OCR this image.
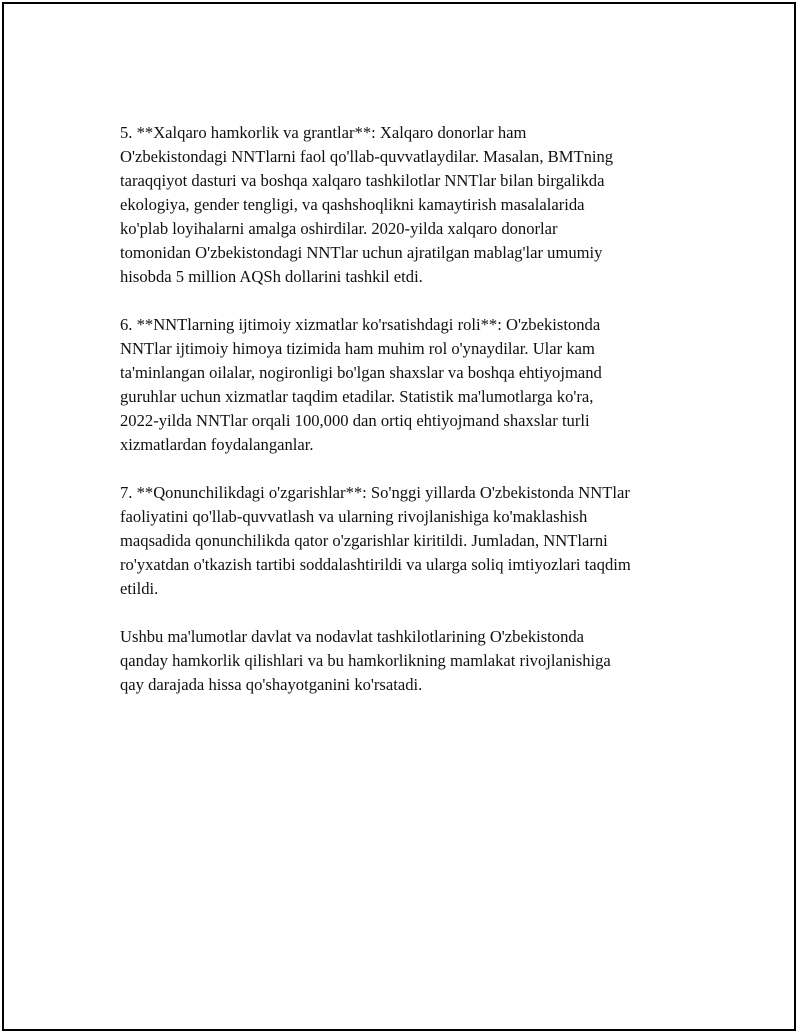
5. **Xalqaro hamkorlik va grantlar**: Xalqaro donorlar ham
O'zbekistondagi NNTlarni faol qo'llab-quvvatlaydilar. Masalan, BMTning
taraqqiyot dasturi va boshqa xalqaro tashkilotlar NNTlar bilan birgalikda
ekologiya, gender tengligi, va qashshoqlikni kamaytirish masalalarida
ko'plab loyihalarni amalga oshirdilar. 2020-yilda xalqaro donorlar
tomonidan O'zbekistondagi NNTlar uchun ajratilgan mablag'lar umumiy
hisobda 5 million AQSh dollarini tashkil etdi.

6. **NNTlarning ijtimoiy xizmatlar ko'rsatishdagi roli**: O'zbekistonda
NNTlar ijtimoiy himoya tizimida ham muhim rol o'ynaydilar. Ular kam
ta'minlangan oilalar, nogironligi bo'lgan shaxslar va boshqa ehtiyojmand
guruhlar uchun xizmatlar taqdim etadilar. Statistik ma'lumotlarga ko'ra,
2022-yilda NNTlar orqali 100,000 dan ortiq ehtiyojmand shaxslar turli
xizmatlardan foydalanganlar.

7. **Qonunchilikdagi o'zgarishlar**: So'nggi yillarda O'zbekistonda NNTlar
faoliyatini qo'llab-quvvatlash va ularning rivojlanishiga ko'maklashish
maqsadida qonunchilikda qator o'zgarishlar kiritildi. Jumladan, NNTlarni
ro'yxatdan o'tkazish tartibi soddalashtirildi va ularga soliq imtiyozlari taqdim
etildi.

Ushbu ma'lumotlar davlat va nodavlat tashkilotlarining O'zbekistonda
qanday hamkorlik qilishlari va bu hamkorlikning mamlakat rivojlanishiga
qay darajada hissa qo'shayotganini ko'rsatadi.
